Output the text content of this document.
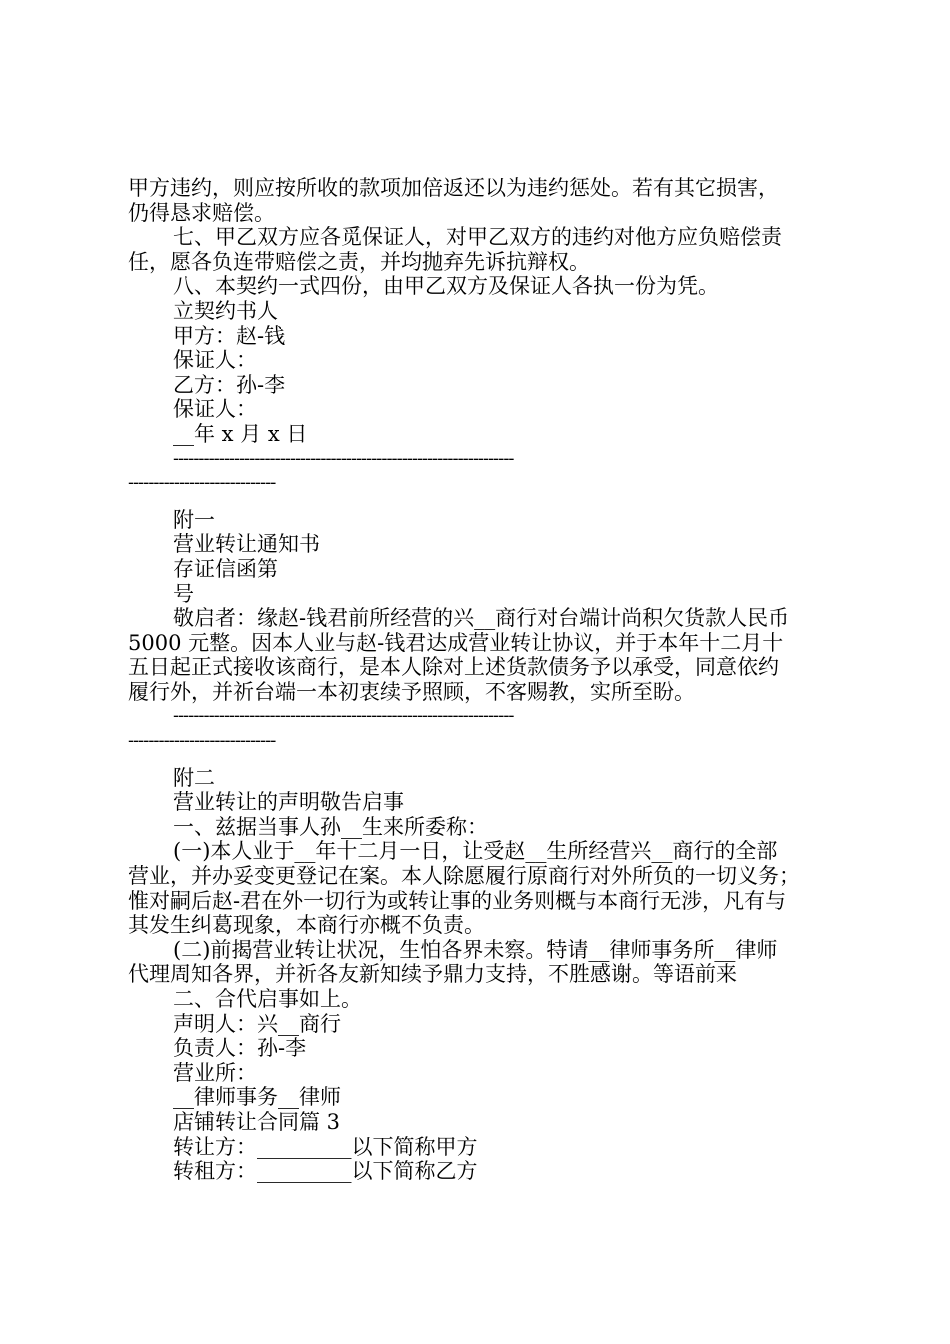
甲方违约，则应按所收的款项加倍返还以为违约惩处。若有其它损害，
仍得恳求赔偿。
七、甲乙双方应各觅保证人，对甲乙双方的违约对他方应负赔偿责
任，愿各负连带赔偿之责，并均抛弃先诉抗辩权。
八、本契约一式四份，由甲乙双方及保证人各执一份为凭。
立契约书人
甲方：赵-钱
保证人：
乙方：孙-李
保证人：
__年 x 月 x 日
-------------------------------------------------------------------
-----------------------------
附一
营业转让通知书
存证信函第
号
敬启者：缘赵-钱君前所经营的兴__商行对台端计尚积欠货款人民币
5000 元整。因本人业与赵-钱君达成营业转让协议，并于本年十二月十
五日起正式接收该商行，是本人除对上述货款债务予以承受，同意依约
履行外，并祈台端一本初衷续予照顾，不客赐教，实所至盼。
-------------------------------------------------------------------
-----------------------------
附二
营业转让的声明敬告启事
一、兹据当事人孙__生来所委称：
(一)本人业于__年十二月一日，让受赵__生所经营兴__商行的全部
营业，并办妥变更登记在案。本人除愿履行原商行对外所负的一切义务；
惟对嗣后赵-君在外一切行为或转让事的业务则概与本商行无涉，凡有与
其发生纠葛现象，本商行亦概不负责。
(二)前揭营业转让状况，生怕各界未察。特请__律师事务所__律师
代理周知各界，并祈各友新知续予鼎力支持，不胜感谢。等语前来
二、合代启事如上。
声明人：兴__商行
负责人：孙-李
营业所：
__律师事务__律师
店铺转让合同篇 3
转让方：_________以下简称甲方
转租方：_________以下简称乙方
